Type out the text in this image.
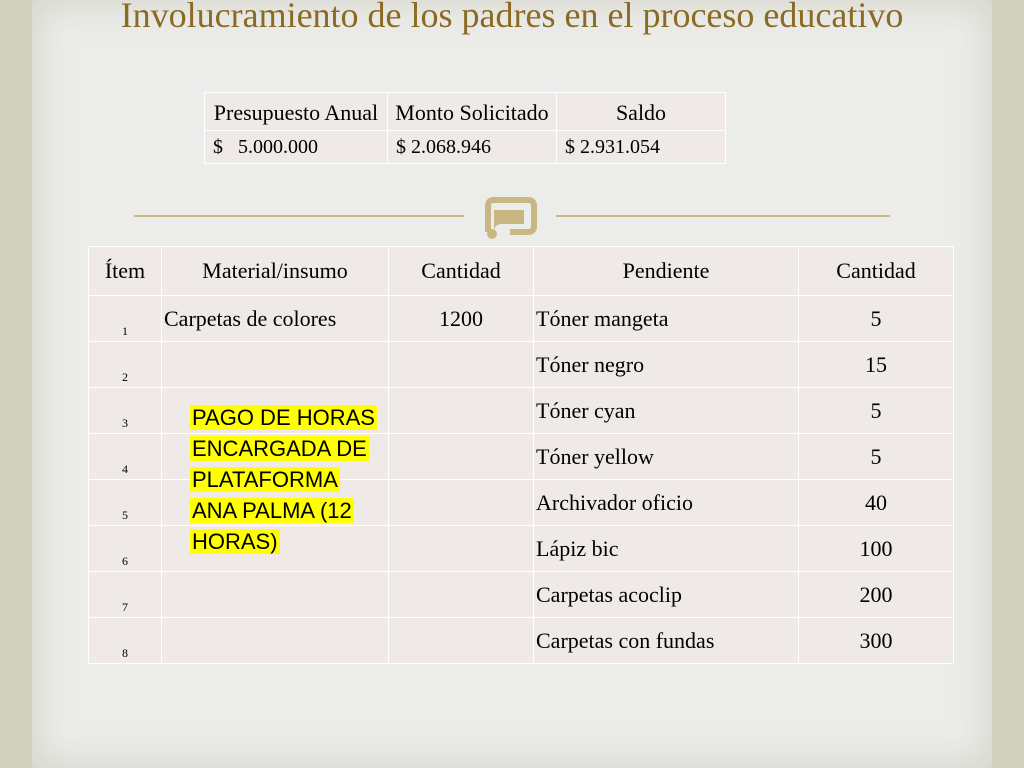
Involucramiento de los padres en el proceso educativo
Presupuesto Anual	Monto Solicitado	Saldo
$   5.000.000	$ 2.068.946	$ 2.931.054
Ítem	Material/insumo	Cantidad	Pendiente	Cantidad
1	Carpetas de colores	1200	Tóner mangeta	5
2			Tóner negro	15
3			Tóner cyan	5
4			Tóner yellow	5
5			Archivador oficio	40
6			Lápiz bic	100
7			Carpetas acoclip	200
8			Carpetas con fundas	300
PAGO DE HORAS
ENCARGADA DE
PLATAFORMA
ANA PALMA (12
HORAS)
